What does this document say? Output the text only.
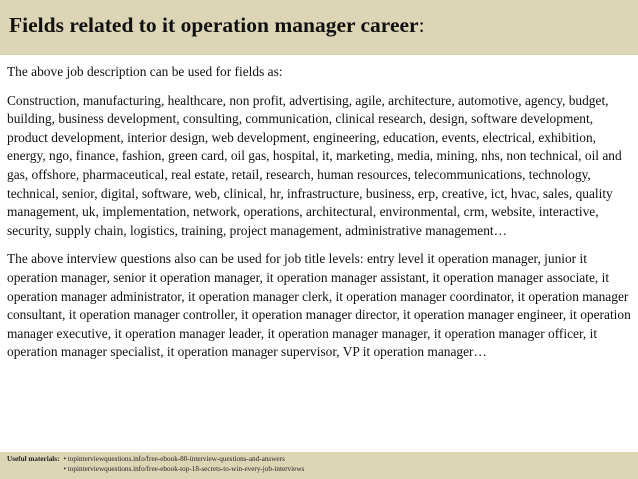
Fields related to it operation manager career:

The above job description can be used for fields as:

Construction, manufacturing, healthcare, non profit, advertising, agile, architecture, automotive, agency, budget, building, business development, consulting, communication, clinical research, design, software development, product development, interior design, web development, engineering, education, events, electrical, exhibition, energy, ngo, finance, fashion, green card, oil gas, hospital, it, marketing, media, mining, nhs, non technical, oil and gas, offshore, pharmaceutical, real estate, retail, research, human resources, telecommunications, technology, technical, senior, digital, software, web, clinical, hr, infrastructure, business, erp, creative, ict, hvac, sales, quality management, uk, implementation, network, operations, architectural, environmental, crm, website, interactive, security, supply chain, logistics, training, project management, administrative management…

The above interview questions also can be used for job title levels: entry level it operation manager, junior it operation manager, senior it operation manager, it operation manager assistant, it operation manager associate, it operation manager administrator, it operation manager clerk, it operation manager coordinator, it operation manager consultant, it operation manager controller, it operation manager director, it operation manager engineer, it operation manager executive, it operation manager leader, it operation manager manager, it operation manager officer, it operation manager specialist, it operation manager supervisor, VP it operation manager…

Useful materials: • topinterviewquestions.info/free-ebook-80-interview-questions-and-answers
• topinterviewquestions.info/free-ebook-top-18-secrets-to-win-every-job-interviews
